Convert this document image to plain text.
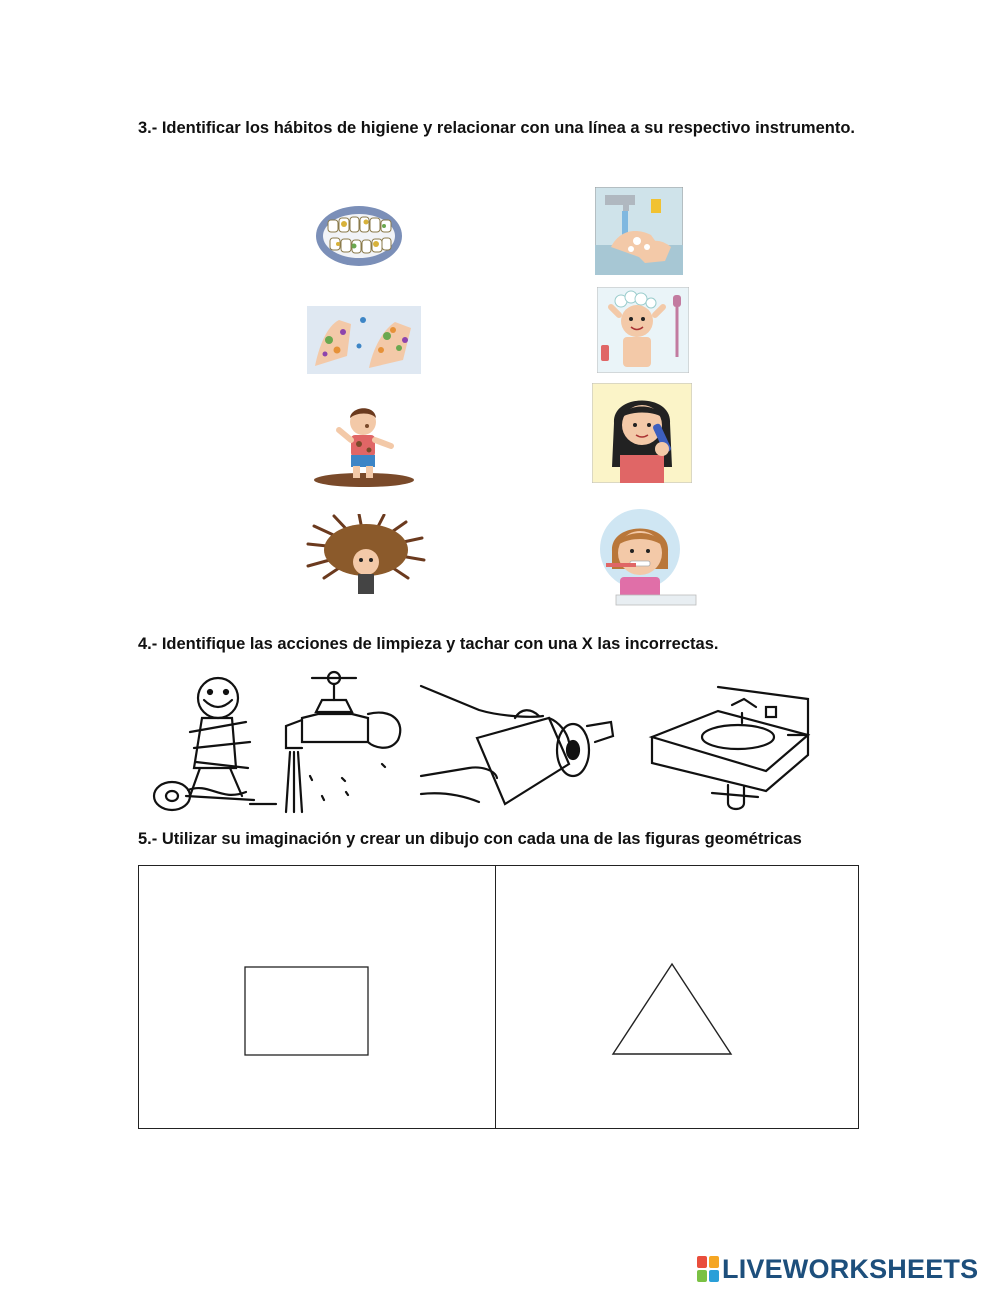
3.- Identificar los hábitos de higiene y relacionar con una línea a su respectivo instrumento.
4.- Identifique las acciones de limpieza y tachar con una X las incorrectas.
5.- Utilizar su imaginación y crear un dibujo con cada una de las figuras geométricas
LIVEWORKSHEETS
